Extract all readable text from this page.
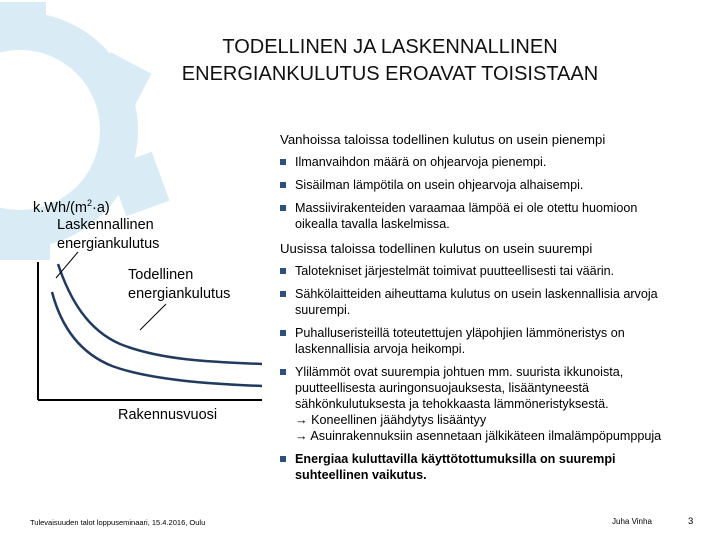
TODELLINEN JA LASKENNALLINEN
ENERGIANKULUTUS EROAVAT TOISISTAAN
$k.Wh/(m^2\cdot a)$
Laskennallinen
energiankulutus
Todellinen
energiankulutus
Rakennusvuosi
Vanhoissa taloissa todellinen kulutus on usein pienempi
Ilmanvaihdon määrä on ohjearvoja pienempi.
Sisäilman lämpötila on usein ohjearvoja alhaisempi.
Massiivirakenteiden varaamaa lämpöä ei ole otettu huomioon
oikealla tavalla laskelmissa.
Uusissa taloissa todellinen kulutus on usein suurempi
Talotekniset järjestelmät toimivat puutteellisesti tai väärin.
Sähkölaitteiden aiheuttama kulutus on usein laskennallisia arvoja
suurempi.
Puhalluseristeillä toteutettujen yläpohjien lämmöneristys on
laskennallisia arvoja heikompi.
Ylilämmöt ovat suurempia johtuen mm. suurista ikkunoista,
puutteellisesta auringonsuojauksesta, lisääntyneestä
sähkönkulutuksesta ja tehokkaasta lämmöneristyksestä.
→ Koneellinen jäähdytys lisääntyy
→ Asuinrakennuksiin asennetaan jälkikäteen ilmalämpöpumppuja
Energiaa kuluttavilla käyttötottumuksilla on suurempi
suhteellinen vaikutus.
Tulevaisuuden talot loppuseminaari, 15.4.2016, Oulu	Juha Vinha	3
